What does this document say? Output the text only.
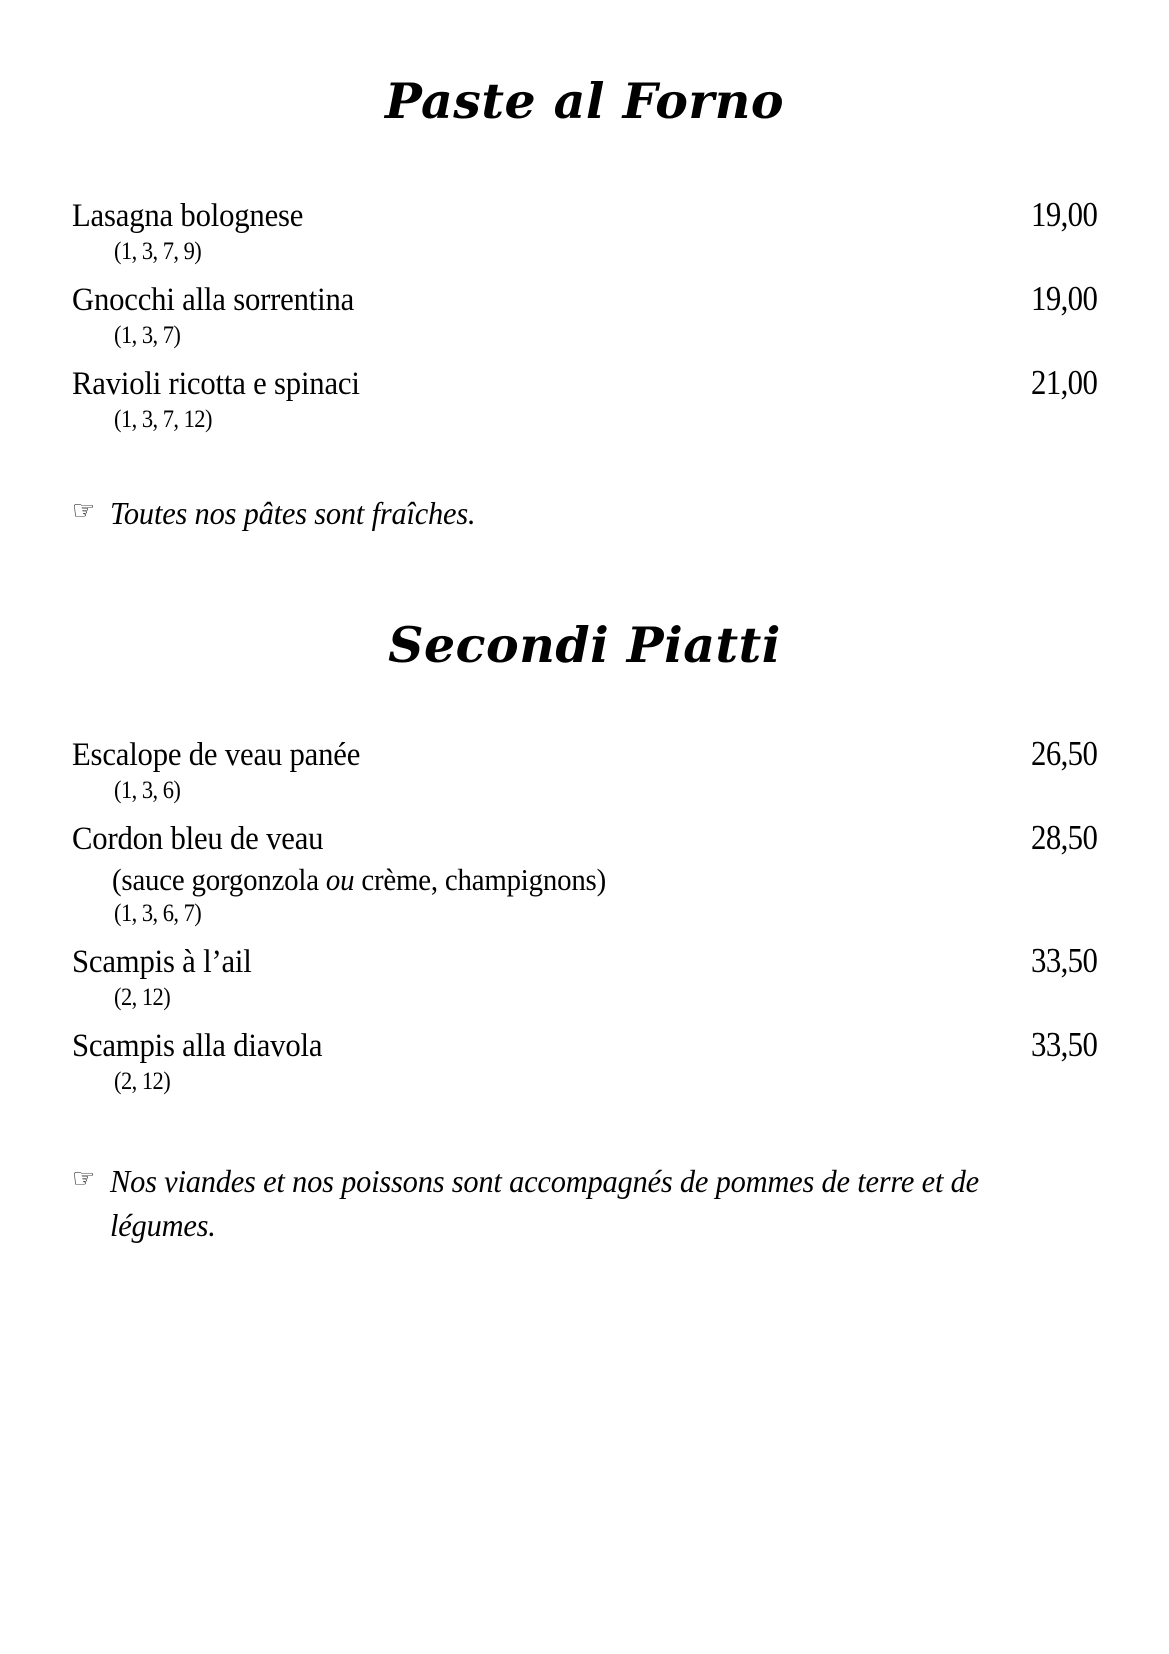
Paste al Forno
Lasagna bolognese	19,00
(1, 3, 7, 9)
Gnocchi alla sorrentina	19,00
(1, 3, 7)
Ravioli ricotta e spinaci	21,00
(1, 3, 7, 12)
☞ Toutes nos pâtes sont fraîches.
Secondi Piatti
Escalope de veau panée	26,50
(1, 3, 6)
Cordon bleu de veau	28,50
(sauce gorgonzola ou crème, champignons)
(1, 3, 6, 7)
Scampis à l’ail	33,50
(2, 12)
Scampis alla diavola	33,50
(2, 12)
☞ Nos viandes et nos poissons sont accompagnés de pommes de terre et de légumes.
